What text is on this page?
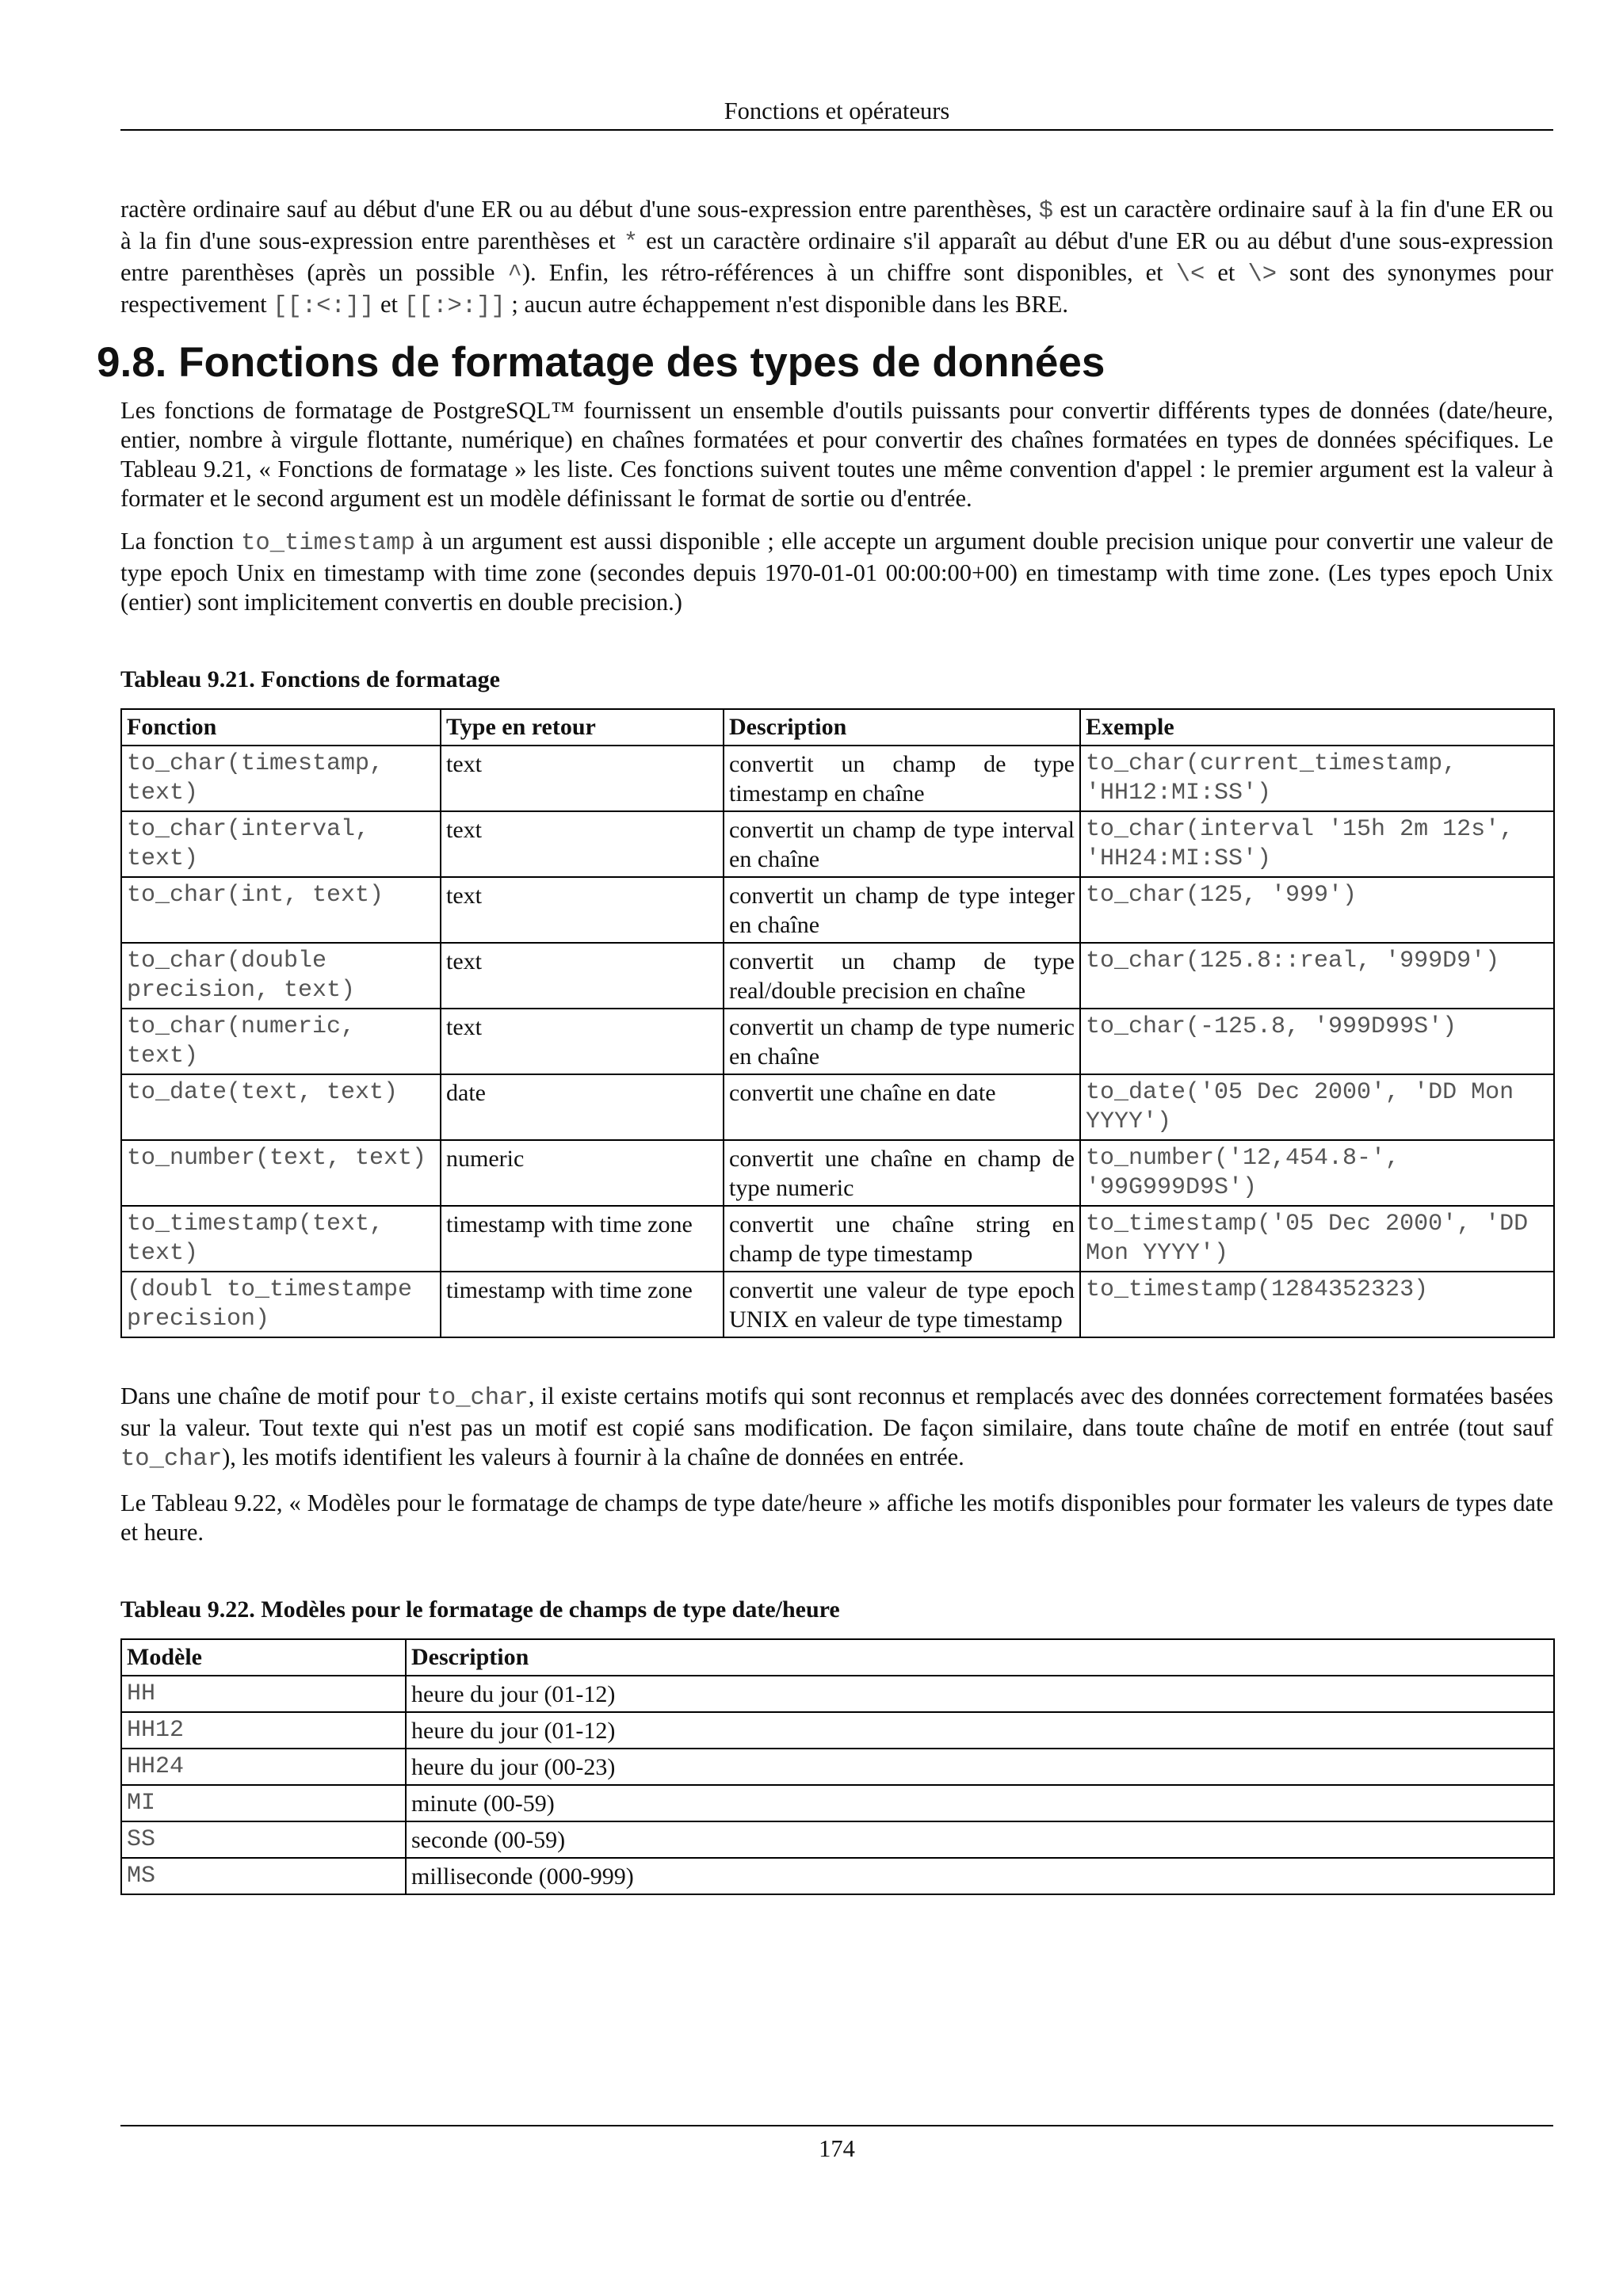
Fonctions et opérateurs

ractère ordinaire sauf au début d'une ER ou au début d'une sous-expression entre parenthèses, $ est un caractère ordinaire sauf à la fin d'une ER ou à la fin d'une sous-expression entre parenthèses et * est un caractère ordinaire s'il apparaît au début d'une ER ou au début d'une sous-expression entre parenthèses (après un possible ^). Enfin, les rétro-références à un chiffre sont disponibles, et \< et \> sont des synonymes pour respectivement [[:<:]] et [[:>:]] ; aucun autre échappement n'est disponible dans les BRE.

9.8. Fonctions de formatage des types de données

Les fonctions de formatage de PostgreSQL™ fournissent un ensemble d'outils puissants pour convertir différents types de données (date/heure, entier, nombre à virgule flottante, numérique) en chaînes formatées et pour convertir des chaînes formatées en types de données spécifiques. Le Tableau 9.21, « Fonctions de formatage » les liste. Ces fonctions suivent toutes une même convention d'appel : le premier argument est la valeur à formater et le second argument est un modèle définissant le format de sortie ou d'entrée.

La fonction to_timestamp à un argument est aussi disponible ; elle accepte un argument double precision unique pour convertir une valeur de type epoch Unix en timestamp with time zone (secondes depuis 1970-01-01 00:00:00+00) en timestamp with time zone. (Les types epoch Unix (entier) sont implicitement convertis en double precision.)

Tableau 9.21. Fonctions de formatage
Fonction	Type en retour	Description	Exemple
to_char(timestamp, text)	text	convertit un champ de type timestamp en chaîne	to_char(current_timestamp, 'HH12:MI:SS')
to_char(interval, text)	text	convertit un champ de type interval en chaîne	to_char(interval '15h 2m 12s', 'HH24:MI:SS')
to_char(int, text)	text	convertit un champ de type integer en chaîne	to_char(125, '999')
to_char(double precision, text)	text	convertit un champ de type real/double precision en chaîne	to_char(125.8::real, '999D9')
to_char(numeric, text)	text	convertit un champ de type numeric en chaîne	to_char(-125.8, '999D99S')
to_date(text, text)	date	convertit une chaîne en date	to_date('05 Dec 2000', 'DD Mon YYYY')
to_number(text, text)	numeric	convertit une chaîne en champ de type numeric	to_number('12,454.8-', '99G999D9S')
to_timestamp(text, text)	timestamp with time zone	convertit une chaîne string en champ de type timestamp	to_timestamp('05 Dec 2000', 'DD Mon YYYY')
(doubl to_timestampe precision)	timestamp with time zone	convertit une valeur de type epoch UNIX en valeur de type timestamp	to_timestamp(1284352323)

Dans une chaîne de motif pour to_char, il existe certains motifs qui sont reconnus et remplacés avec des données correctement formatées basées sur la valeur. Tout texte qui n'est pas un motif est copié sans modification. De façon similaire, dans toute chaîne de motif en entrée (tout sauf to_char), les motifs identifient les valeurs à fournir à la chaîne de données en entrée.

Le Tableau 9.22, « Modèles pour le formatage de champs de type date/heure » affiche les motifs disponibles pour formater les valeurs de types date et heure.

Tableau 9.22. Modèles pour le formatage de champs de type date/heure
Modèle	Description
HH	heure du jour (01-12)
HH12	heure du jour (01-12)
HH24	heure du jour (00-23)
MI	minute (00-59)
SS	seconde (00-59)
MS	milliseconde (000-999)
174
